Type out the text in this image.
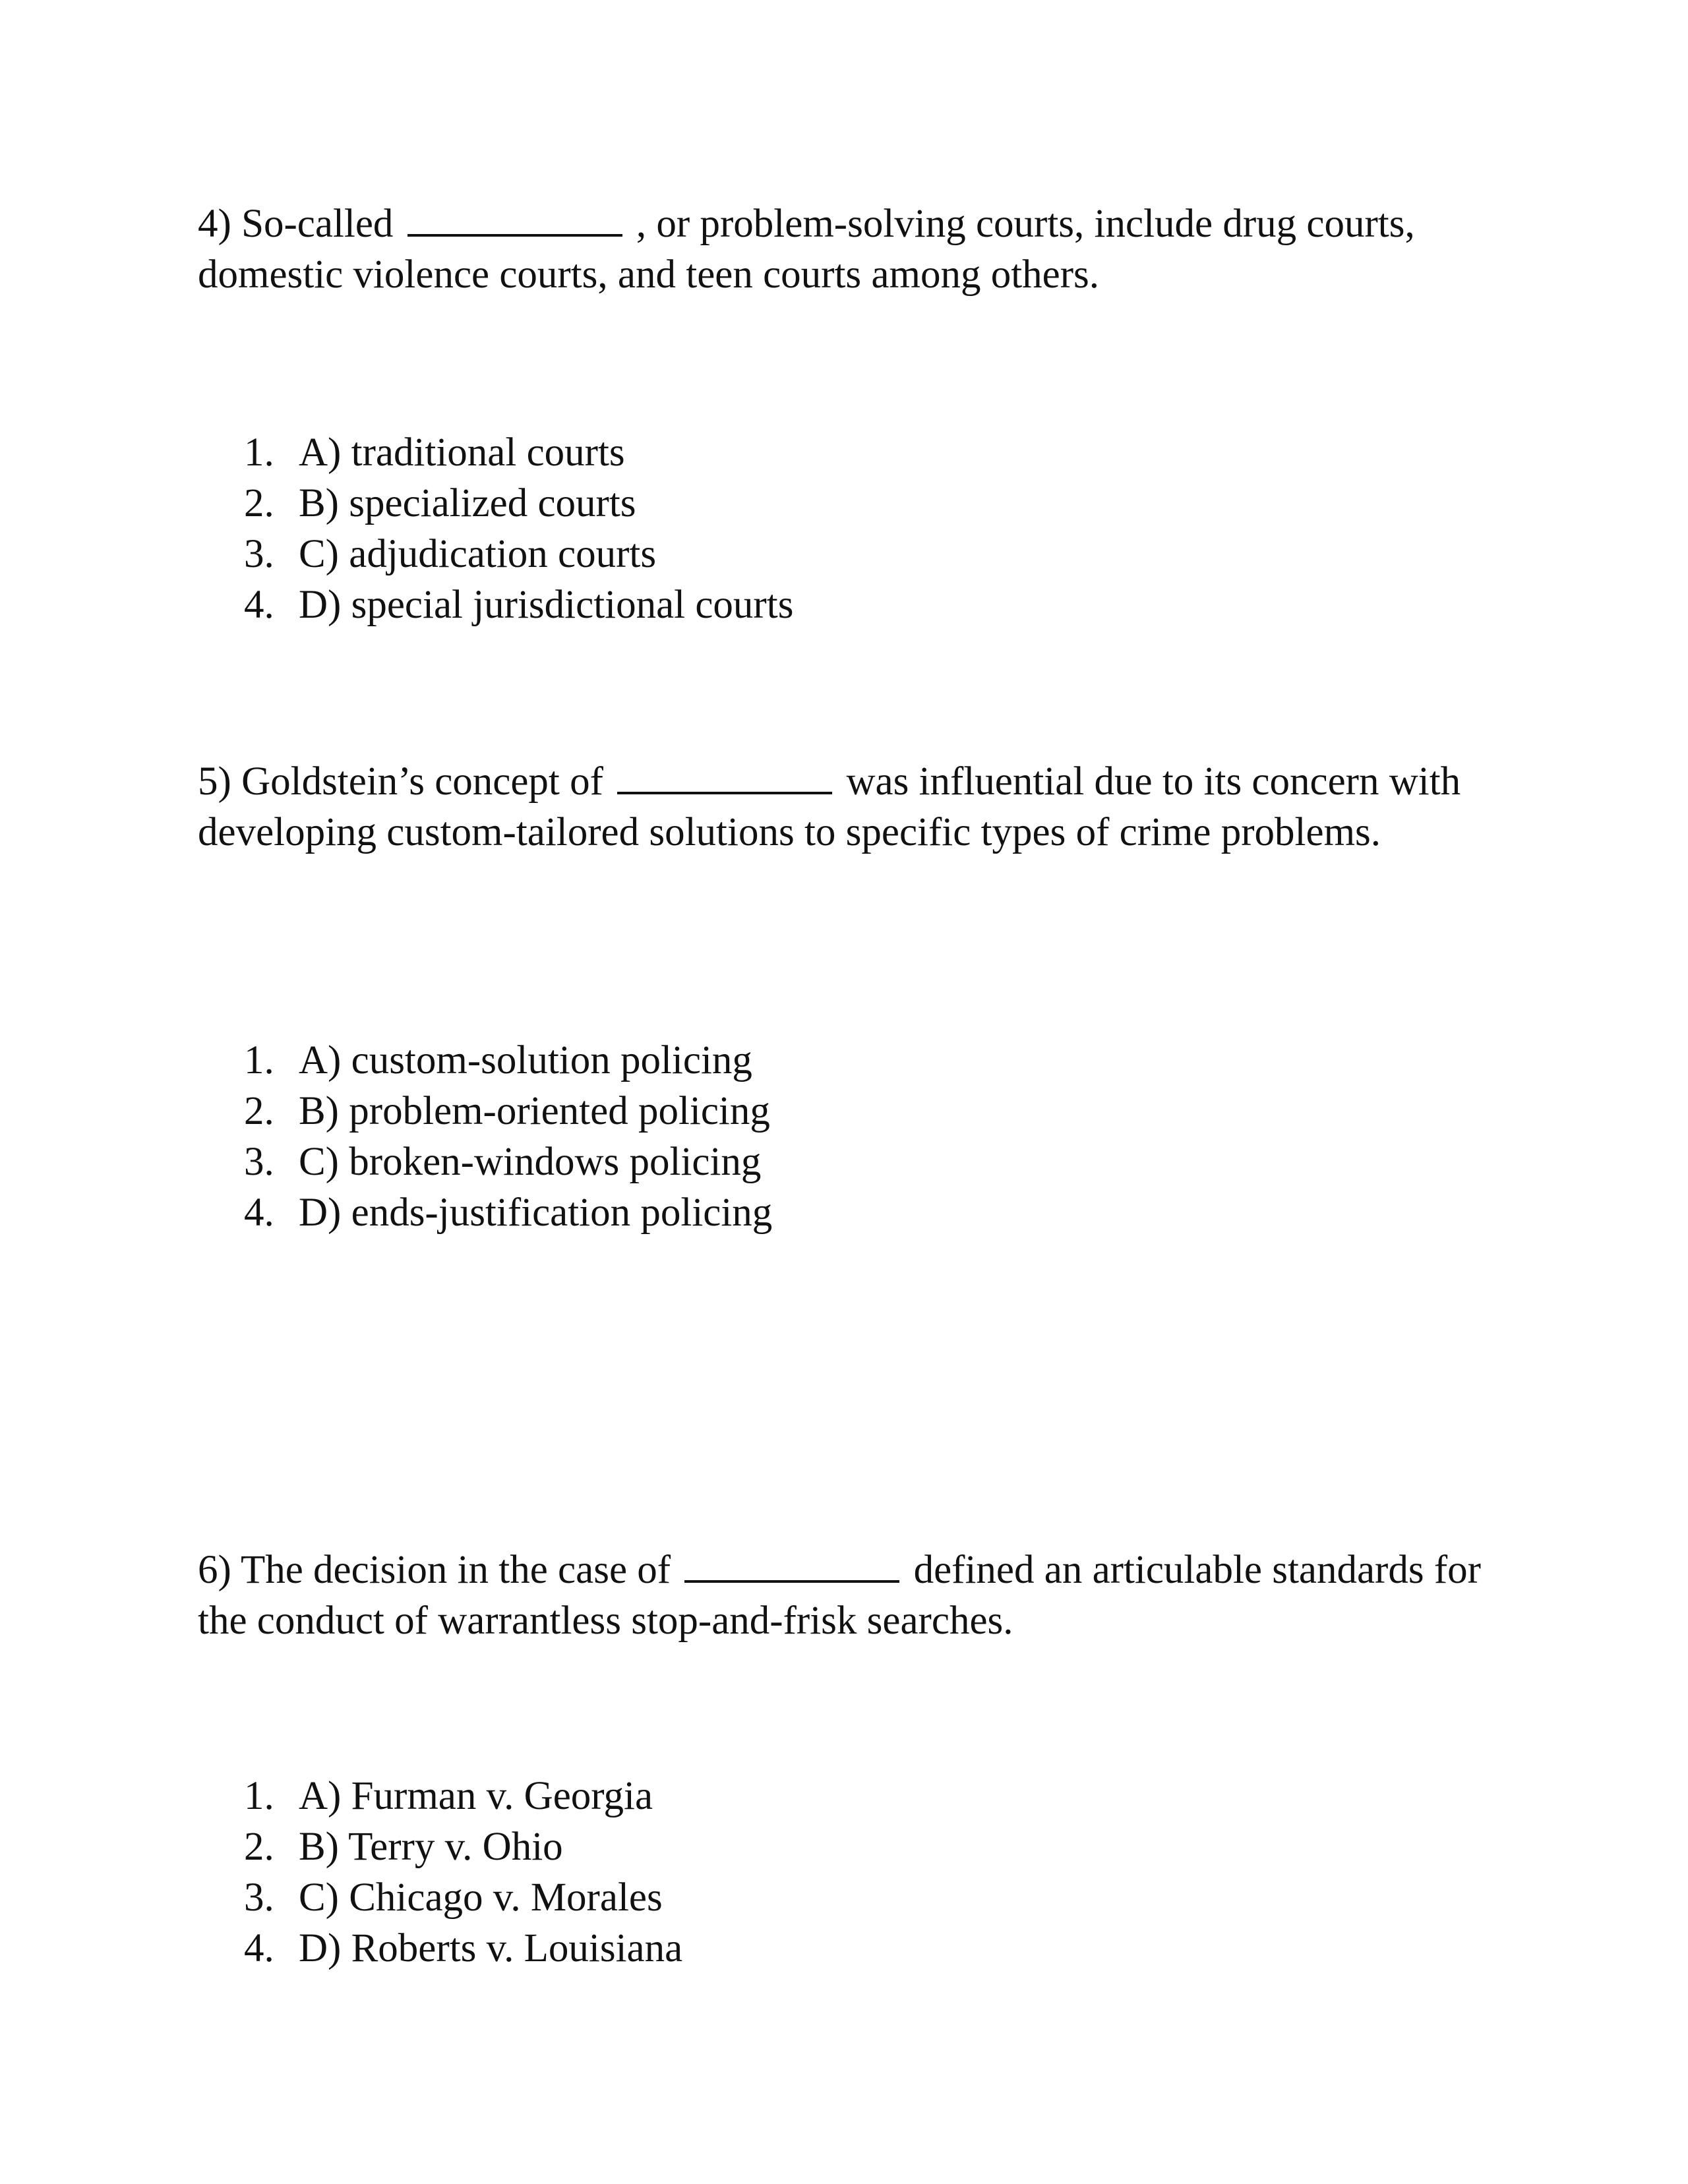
4) So-called	, or problem-solving courts, include drug courts, domestic violence courts, and teen courts among others.

1. A) traditional courts
2. B) specialized courts
3. C) adjudication courts
4. D) special jurisdictional courts

5) Goldstein’s concept of	was influential due to its concern with developing custom-tailored solutions to specific types of crime problems.

1. A) custom-solution policing
2. B) problem-oriented policing
3. C) broken-windows policing
4. D) ends-justification policing

6) The decision in the case of	defined an articulable standards for the conduct of warrantless stop-and-frisk searches.

1. A) Furman v. Georgia
2. B) Terry v. Ohio
3. C) Chicago v. Morales
4. D) Roberts v. Louisiana
